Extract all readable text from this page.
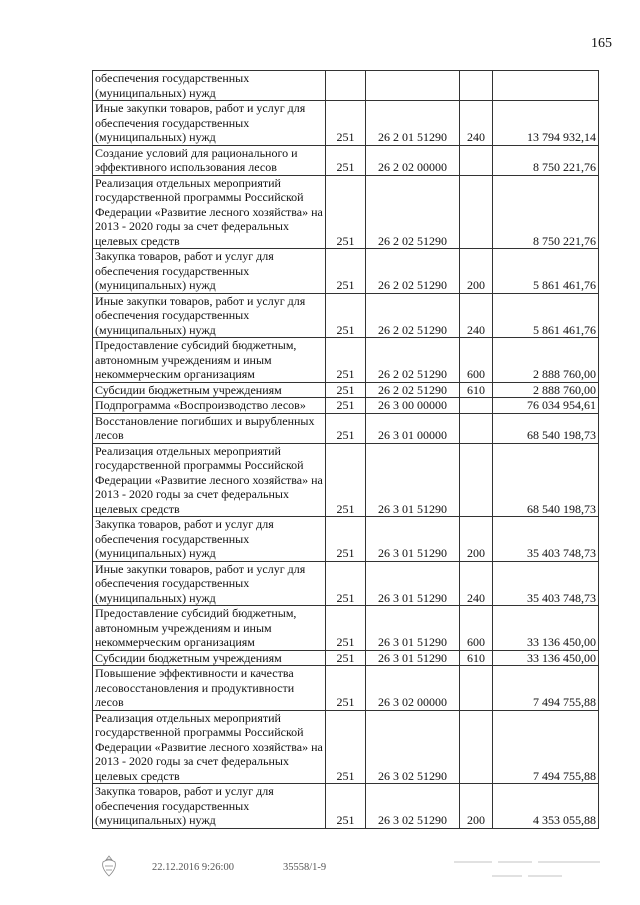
165
обеспечения государственных (муниципальных) нужд				
Иные закупки товаров, работ и услуг для обеспечения государственных (муниципальных) нужд	251	26 2 01 51290	240	13 794 932,14
Создание условий для рационального и эффективного использования лесов	251	26 2 02 00000		8 750 221,76
Реализация отдельных мероприятий государственной программы Российской Федерации «Развитие лесного хозяйства» на 2013 - 2020 годы за счет федеральных целевых средств	251	26 2 02 51290		8 750 221,76
Закупка товаров, работ и услуг для обеспечения государственных (муниципальных) нужд	251	26 2 02 51290	200	5 861 461,76
Иные закупки товаров, работ и услуг для обеспечения государственных (муниципальных) нужд	251	26 2 02 51290	240	5 861 461,76
Предоставление субсидий бюджетным, автономным учреждениям и иным некоммерческим организациям	251	26 2 02 51290	600	2 888 760,00
Субсидии бюджетным учреждениям	251	26 2 02 51290	610	2 888 760,00
Подпрограмма «Воспроизводство лесов»	251	26 3 00 00000		76 034 954,61
Восстановление погибших и вырубленных лесов	251	26 3 01 00000		68 540 198,73
Реализация отдельных мероприятий государственной программы Российской Федерации «Развитие лесного хозяйства» на 2013 - 2020 годы за счет федеральных целевых средств	251	26 3 01 51290		68 540 198,73
Закупка товаров, работ и услуг для обеспечения государственных (муниципальных) нужд	251	26 3 01 51290	200	35 403 748,73
Иные закупки товаров, работ и услуг для обеспечения государственных (муниципальных) нужд	251	26 3 01 51290	240	35 403 748,73
Предоставление субсидий бюджетным, автономным учреждениям и иным некоммерческим организациям	251	26 3 01 51290	600	33 136 450,00
Субсидии бюджетным учреждениям	251	26 3 01 51290	610	33 136 450,00
Повышение эффективности и качества лесовосстановления и продуктивности лесов	251	26 3 02 00000		7 494 755,88
Реализация отдельных мероприятий государственной программы Российской Федерации «Развитие лесного хозяйства» на 2013 - 2020 годы за счет федеральных целевых средств	251	26 3 02 51290		7 494 755,88
Закупка товаров, работ и услуг для обеспечения государственных (муниципальных) нужд	251	26 3 02 51290	200	4 353 055,88
22.12.2016 9:26:00	35558/1-9
